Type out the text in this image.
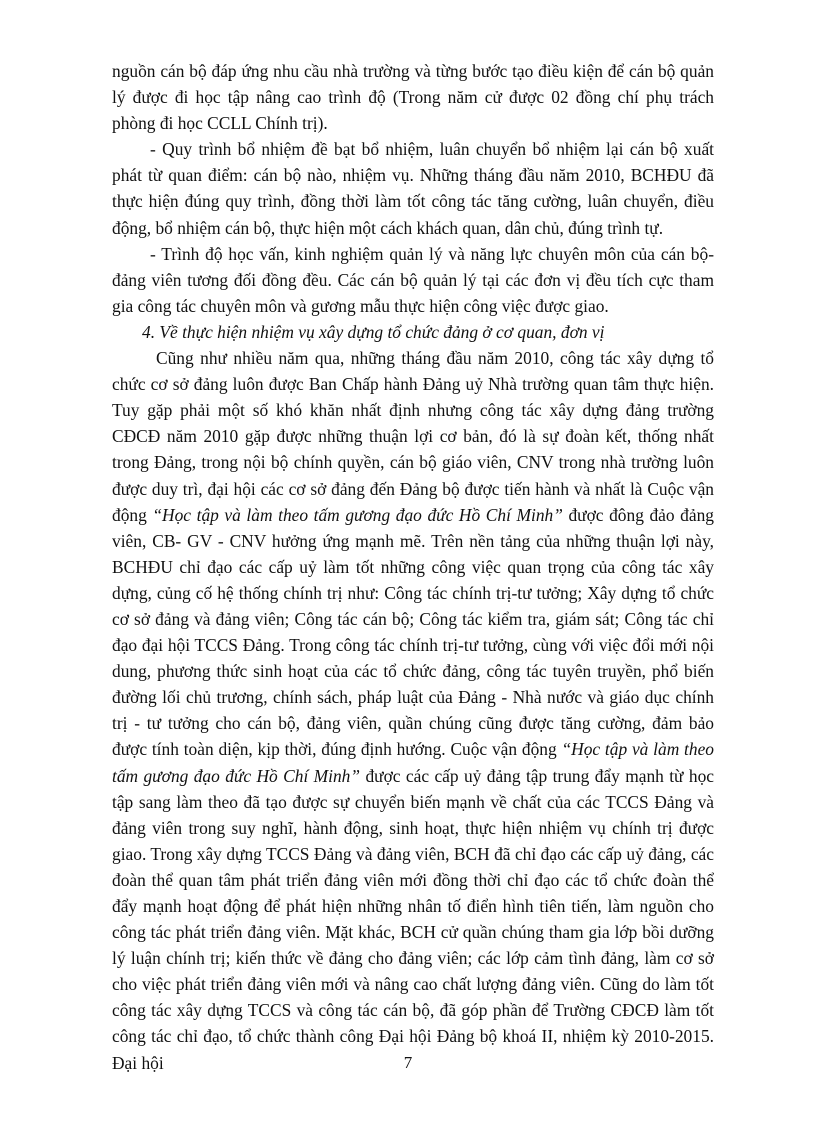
nguồn cán bộ đáp ứng nhu cầu nhà trường và từng bước tạo điều kiện để cán bộ quản lý được đi học tập nâng cao trình độ (Trong năm cử được 02 đồng chí phụ trách phòng đi học CCLL Chính trị).

- Quy trình bổ nhiệm đề bạt bổ nhiệm, luân chuyển bổ nhiệm lại cán bộ xuất phát từ quan điểm: cán bộ nào, nhiệm vụ. Những tháng đầu năm 2010, BCHĐU đã thực hiện đúng quy trình, đồng thời làm tốt công tác tăng cường, luân chuyển, điều động, bổ nhiệm cán bộ, thực hiện một cách khách quan, dân chủ, đúng trình tự.

- Trình độ học vấn, kinh nghiệm quản lý và năng lực chuyên môn của cán bộ-đảng viên tương đối đồng đều. Các cán bộ quản lý tại các đơn vị đều tích cực tham gia công tác chuyên môn và gương mẫu thực hiện công việc được giao.

4. Về thực hiện nhiệm vụ xây dựng tổ chức đảng ở cơ quan, đơn vị

Cũng như nhiều năm qua, những tháng đầu năm 2010, công tác xây dựng tổ chức cơ sở đảng luôn được Ban Chấp hành Đảng uỷ Nhà trường quan tâm thực hiện. Tuy gặp phải một số khó khăn nhất định nhưng công tác xây dựng đảng trường CĐCĐ năm 2010 gặp được những thuận lợi cơ bản, đó là sự đoàn kết, thống nhất trong Đảng, trong nội bộ chính quyền, cán bộ giáo viên, CNV trong nhà trường luôn được duy trì, đại hội các cơ sở đảng đến Đảng bộ được tiến hành và nhất là Cuộc vận động “Học tập và làm theo tấm gương đạo đức Hồ Chí Minh” được đông đảo đảng viên, CB- GV - CNV hưởng ứng mạnh mẽ. Trên nền tảng của những thuận lợi này, BCHĐU chỉ đạo các cấp uỷ làm tốt những công việc quan trọng của công tác xây dựng, củng cố hệ thống chính trị như: Công tác chính trị-tư tưởng; Xây dựng tổ chức cơ sở đảng và đảng viên; Công tác cán bộ; Công tác kiểm tra, giám sát; Công tác chỉ đạo đại hội TCCS Đảng. Trong công tác chính trị-tư tưởng, cùng với việc đổi mới nội dung, phương thức sinh hoạt của các tổ chức đảng, công tác tuyên truyền, phổ biến đường lối chủ trương, chính sách, pháp luật của Đảng - Nhà nước và giáo dục chính trị - tư tưởng cho cán bộ, đảng viên, quần chúng cũng được tăng cường, đảm bảo được tính toàn diện, kịp thời, đúng định hướng. Cuộc vận động “Học tập và làm theo tấm gương đạo đức Hồ Chí Minh” được các cấp uỷ đảng tập trung đẩy mạnh từ học tập sang làm theo đã tạo được sự chuyển biến mạnh về chất của các TCCS Đảng và đảng viên trong suy nghĩ, hành động, sinh hoạt, thực hiện nhiệm vụ chính trị được giao. Trong xây dựng TCCS Đảng và đảng viên, BCH đã chỉ đạo các cấp uỷ đảng, các đoàn thể quan tâm phát triển đảng viên mới đồng thời chỉ đạo các tổ chức đoàn thể đẩy mạnh hoạt động để phát hiện những nhân tố điển hình tiên tiến, làm nguồn cho công tác phát triển đảng viên. Mặt khác, BCH cử quần chúng tham gia lớp bồi dưỡng lý luận chính trị; kiến thức về đảng cho đảng viên; các lớp cảm tình đảng, làm cơ sở cho việc phát triển đảng viên mới và nâng cao chất lượng đảng viên. Cũng do làm tốt công tác xây dựng TCCS và công tác cán bộ, đã góp phần để Trường CĐCĐ làm tốt công tác chỉ đạo, tổ chức thành công Đại hội Đảng bộ khoá II, nhiệm kỳ 2010-2015. Đại hội	7
